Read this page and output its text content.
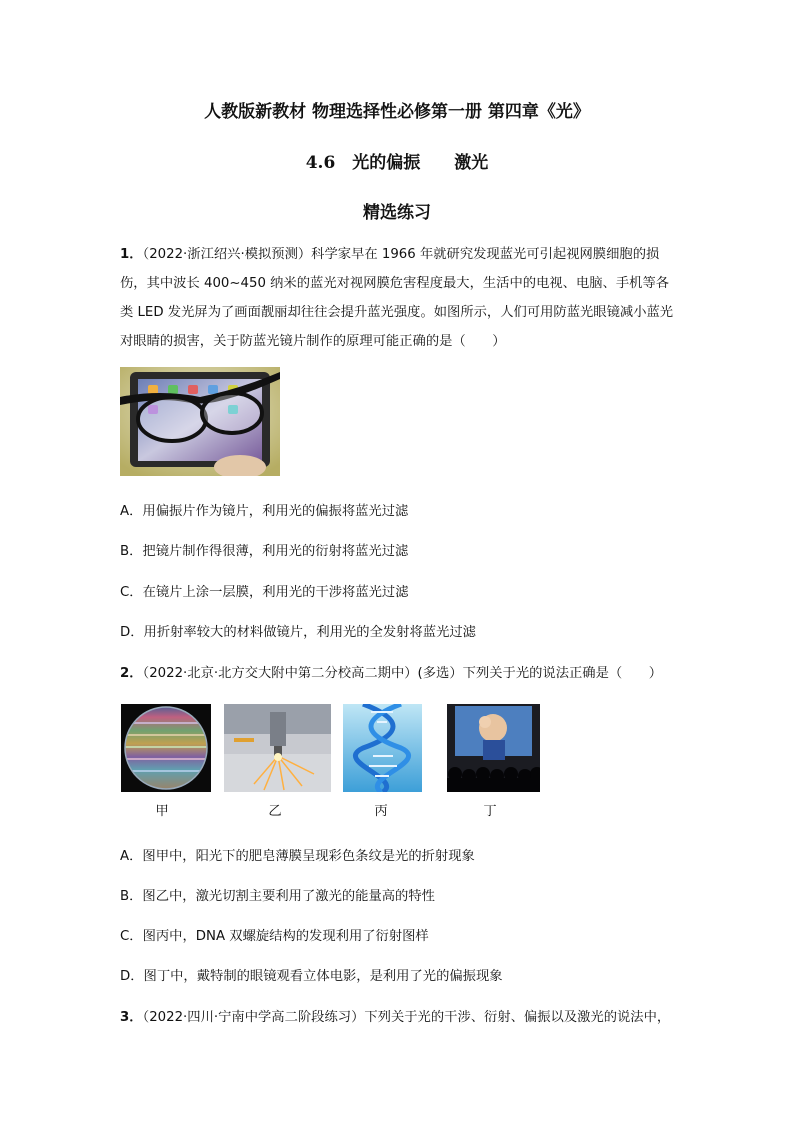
人教版新教材 物理选择性必修第一册 第四章《光》
4.6　光的偏振　　激光
精选练习
1．（2022·浙江绍兴·模拟预测）科学家早在 1966 年就研究发现蓝光可引起视网膜细胞的损伤，其中波长 400~450 纳米的蓝光对视网膜危害程度最大，生活中的电视、电脑、手机等各类 LED 发光屏为了画面靓丽却往往会提升蓝光强度。如图所示，人们可用防蓝光眼镜减小蓝光对眼睛的损害，关于防蓝光镜片制作的原理可能正确的是（　　）
A．用偏振片作为镜片，利用光的偏振将蓝光过滤
B．把镜片制作得很薄，利用光的衍射将蓝光过滤
C．在镜片上涂一层膜，利用光的干涉将蓝光过滤
D．用折射率较大的材料做镜片，利用光的全发射将蓝光过滤
2．（2022·北京·北方交大附中第二分校高二期中）(多选）下列关于光的说法正确是（　　）
甲	乙	丙	丁
A．图甲中，阳光下的肥皂薄膜呈现彩色条纹是光的折射现象
B．图乙中，激光切割主要利用了激光的能量高的特性
C．图丙中，DNA 双螺旋结构的发现利用了衍射图样
D．图丁中，戴特制的眼镜观看立体电影，是利用了光的偏振现象
3．（2022·四川·宁南中学高二阶段练习）下列关于光的干涉、衍射、偏振以及激光的说法中，
